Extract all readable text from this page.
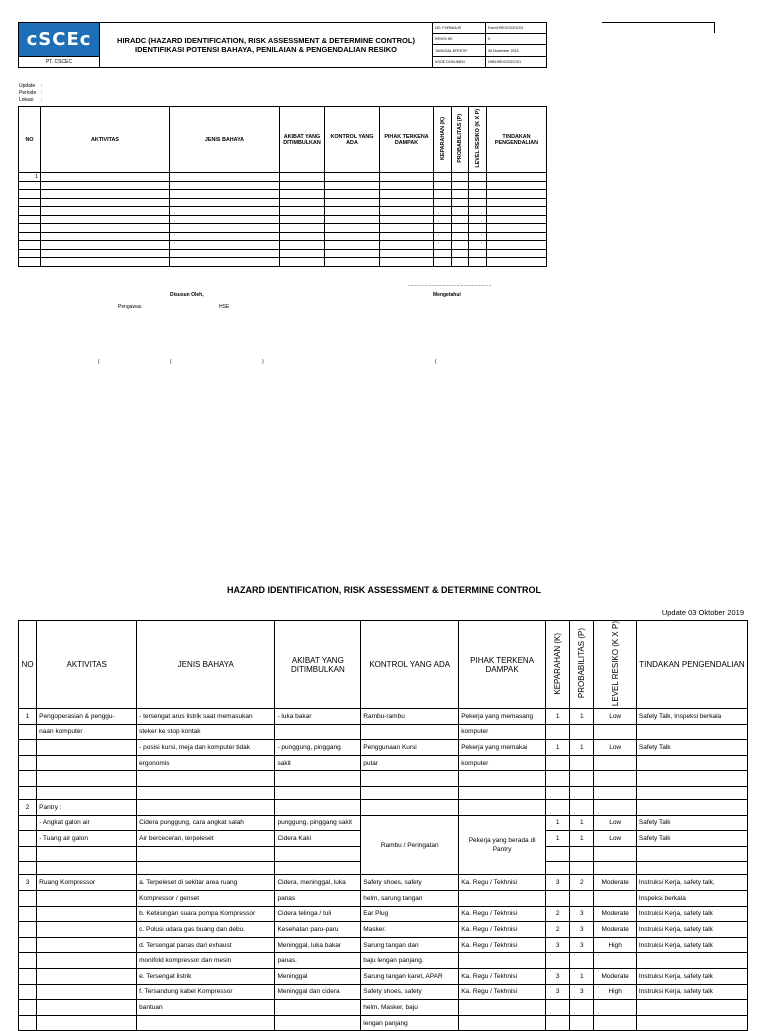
cSCEc	HIRADC (HAZARD IDENTIFICATION, RISK ASSESSMENT & DETERMINE CONTROL)
IDENTIFIKASI POTENSI BAHAYA, PENILAIAN & PENGENDALIAN RESIKO	NO. FORMULIR	Form/HSE/CSCEC/01
		REVISI KE	0
		TANGGAL EFEKTIF	05 November 2015
PT. CSCEC		KODE DOKUMEN	HIR/HSE/CSCEC/01
Update :
Periode :
Lokasi :
NO	AKTIVITAS	JENIS BAHAYA	AKIBAT YANG DITIMBULKAN	KONTROL YANG ADA	PIHAK TERKENA DAMPAK	KEPARAHAN (K)	PROBABILITAS (P)	LEVEL RESIKO (K X P)	TINDAKAN PENGENDALIAN
1									

............................................................
Disusun Oleh,	Mengetahui
Pengawas	HSE
(	(	)	(
HAZARD IDENTIFICATION, RISK ASSESSMENT & DETERMINE CONTROL
Update 03 Oktober 2019
NO	AKTIVITAS	JENIS BAHAYA	AKIBAT YANG DITIMBULKAN	KONTROL YANG ADA	PIHAK TERKENA DAMPAK	KEPARAHAN (K)	PROBABILITAS (P)	LEVEL RESIKO (K X P)	TINDAKAN PENGENDALIAN
1	Pengoperasian & penggu-	- tersengat arus listrik saat memasukan	- luka bakar	Rambu-rambu	Pekerja yang memasang	1	1	Low	Safety Talk, Inspeksi berkala
	naan komputer	steker ke stop kontak			komputer				
		- posisi kursi, meja dan komputer tidak	- punggung, pinggang	Penggunaan Kursi	Pekerja yang memakai	1	1	Low	Safety Talk
		ergonomis	sakit	putar	komputer				

2	Pantry :								
	- Angkat galon air	Cidera punggung, cara angkat salah	punggung, pinggang sakit	Rambu / Peringatan	Pekerja yang berada di Pantry	1	1	Low	Safety Talk
	- Tuang air galon	Air berceceran, terpeleset	Cidera Kaki			1	1	Low	Safety Talk

3	Ruang Kompressor	a. Terpeleset di sekitar area ruang	Cidera, meninggal, luka	Safety shoes, safety	Ka. Regu / Tekhnisi	3	2	Moderate	Instruksi Kerja, safety talk,
		Kompressor / genset	panas	helm, sarung tangan					Inspeksi berkala
		b. Kebisingan suara pompa Kompressor	Cidera telinga / tuli	Ear Plug	Ka. Regu / Tekhnisi	2	3	Moderate	Instruksi Kerja, safety talk
		c. Polusi udara gas buang dan debu.	Kesehatan paru-paru	Masker.	Ka. Regu / Tekhnisi	2	3	Moderate	Instruksi Kerja, safety talk
		d. Tersengat panas dari exhaust	Meninggal, luka bakar	Sarung tangan dan	Ka. Regu / Tekhnisi	3	3	High	Instruksi Kerja, safety talk
		monifold kompressor dan mesin	panas.	baju lengan panjang.					
		e. Tersengat listrik	Meninggal	Sarung tangan karet, APAR	Ka. Regu / Tekhnisi	3	1	Moderate	Instruksi Kerja, safety talk
		f. Tersandung kabel Kompressor	Meninggal dan cidera	Safety shoes, safety	Ka. Regu / Tekhnisi	3	3	High	Instruksi Kerja, safety talk
		bantuan		helm, Masker, baju					
				lengan panjang					
